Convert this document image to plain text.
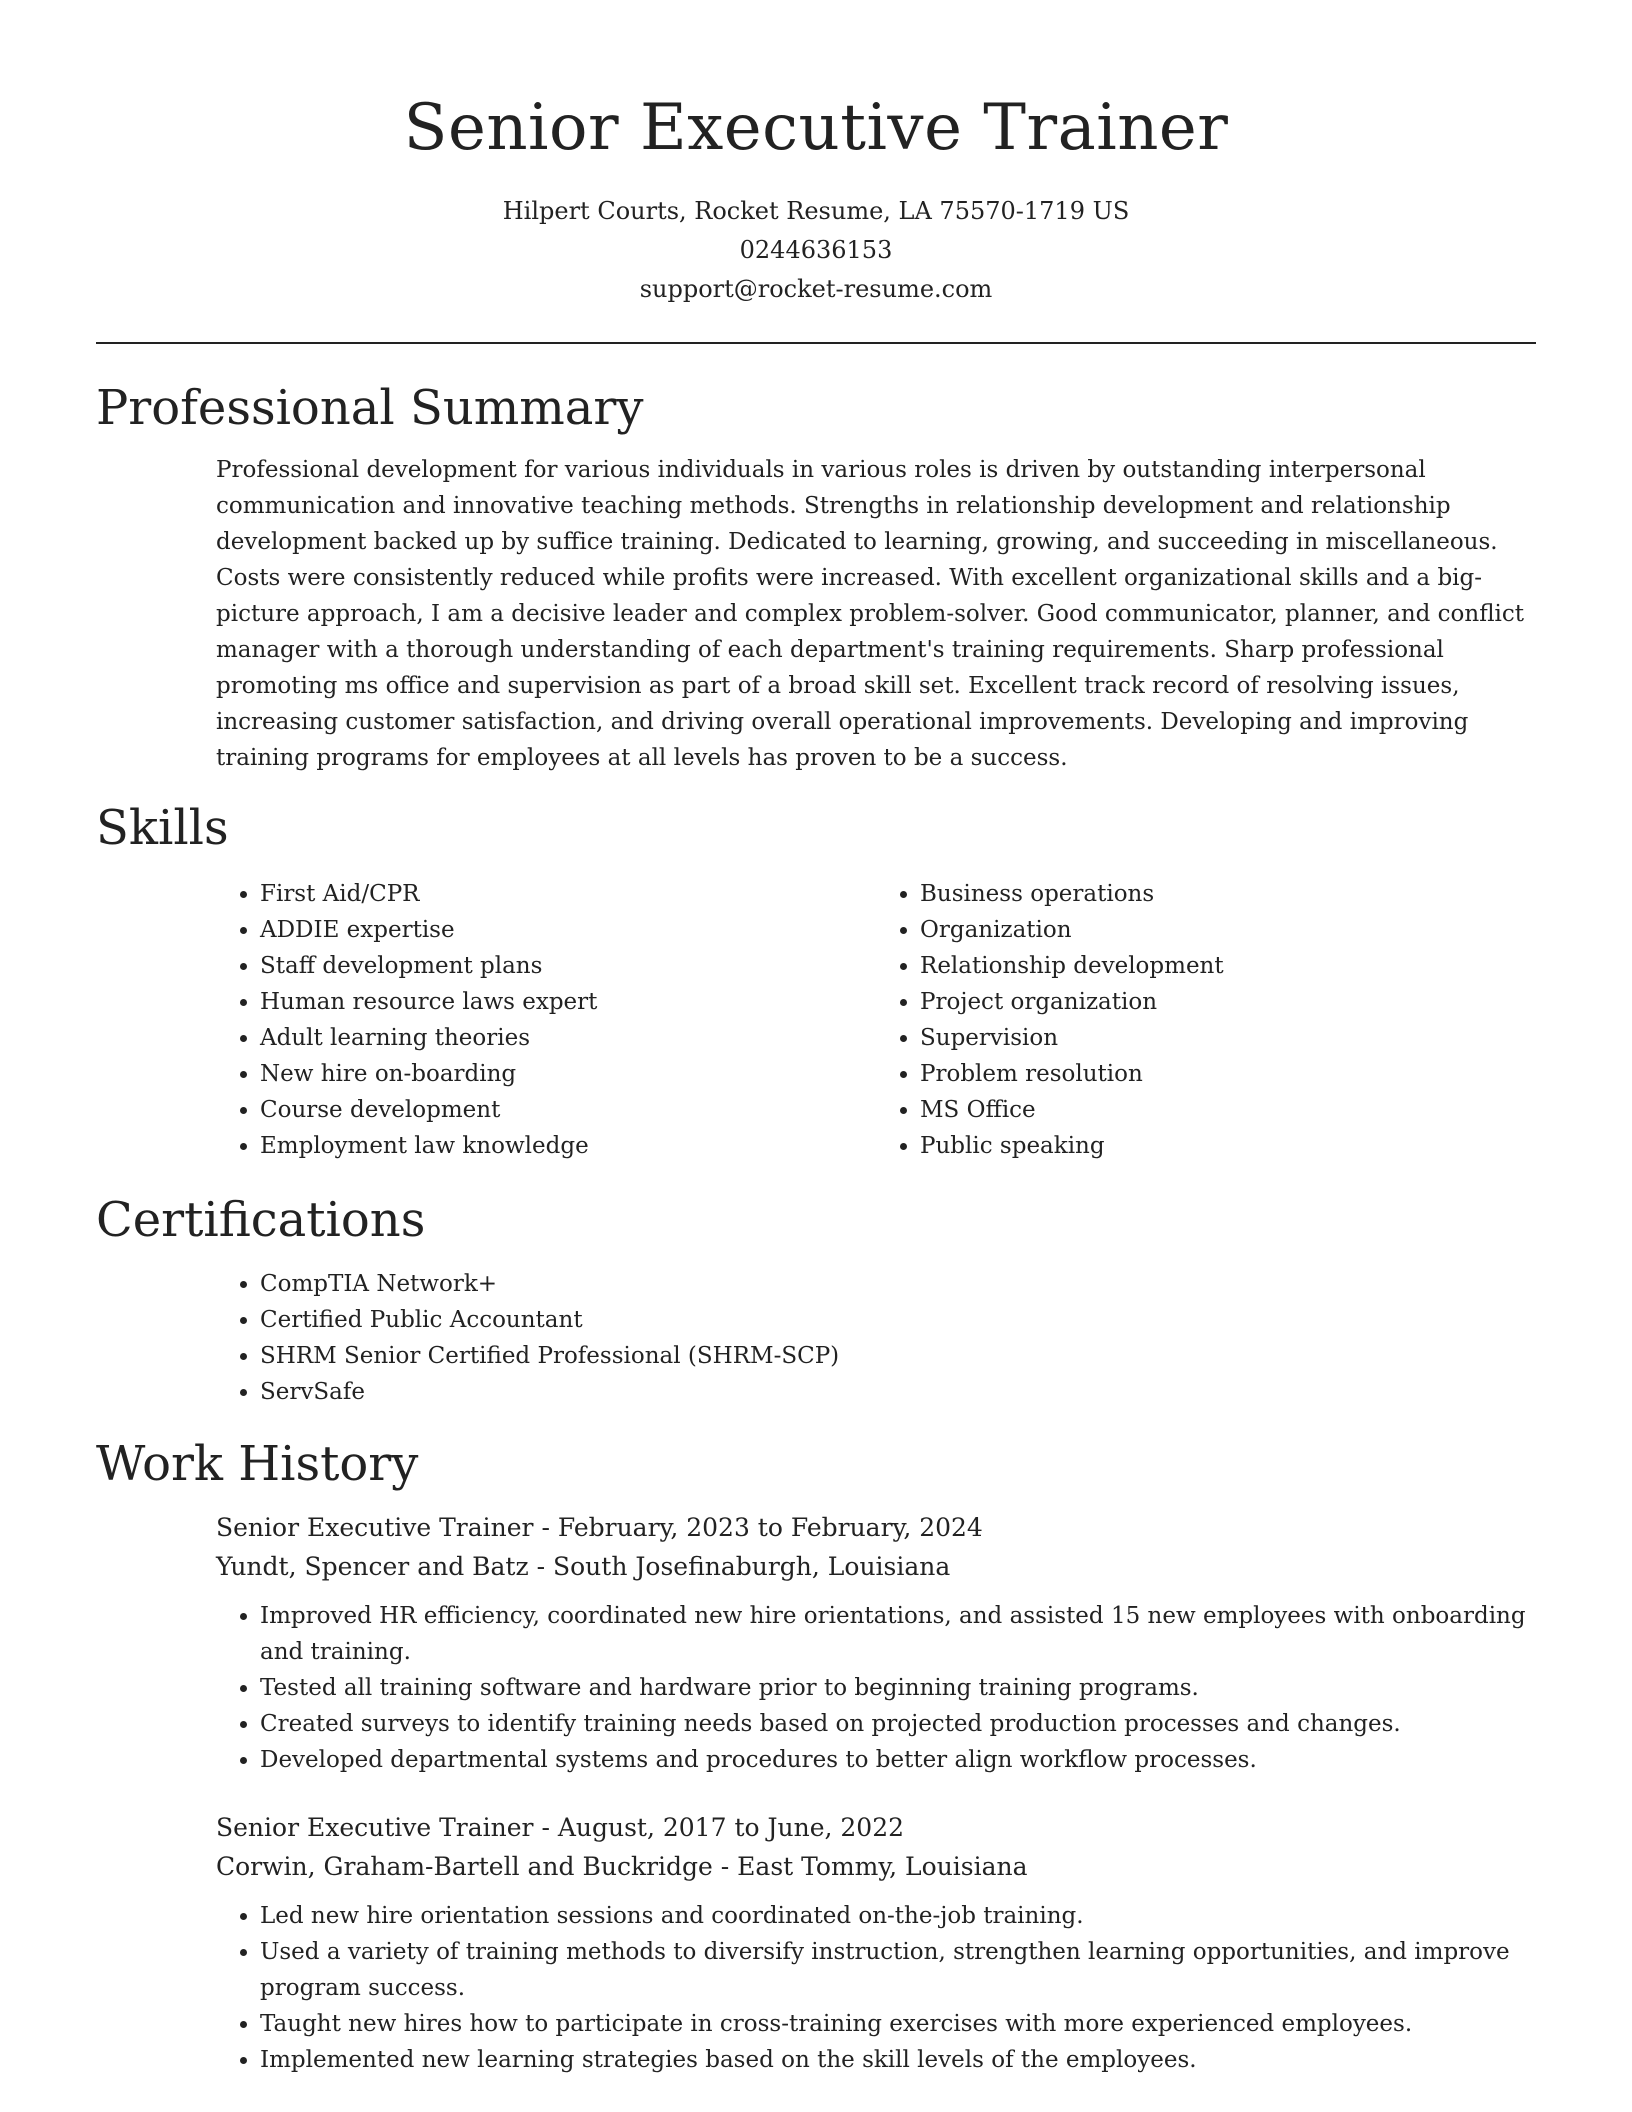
Senior Executive Trainer
Hilpert Courts, Rocket Resume, LA 75570-1719 US
0244636153
support@rocket-resume.com
Professional Summary

Professional development for various individuals in various roles is driven by outstanding interpersonal communication and innovative teaching methods. Strengths in relationship development and relationship development backed up by suffice training. Dedicated to learning, growing, and succeeding in miscellaneous. Costs were consistently reduced while profits were increased. With excellent organizational skills and a big-picture approach, I am a decisive leader and complex problem-solver. Good communicator, planner, and conflict manager with a thorough understanding of each department's training requirements. Sharp professional promoting ms office and supervision as part of a broad skill set. Excellent track record of resolving issues, increasing customer satisfaction, and driving overall operational improvements. Developing and improving training programs for employees at all levels has proven to be a success.

Skills
• First Aid/CPR
• ADDIE expertise
• Staff development plans
• Human resource laws expert
• Adult learning theories
• New hire on-boarding
• Course development
• Employment law knowledge
• Business operations
• Organization
• Relationship development
• Project organization
• Supervision
• Problem resolution
• MS Office
• Public speaking
Certifications
• CompTIA Network+
• Certified Public Accountant
• SHRM Senior Certified Professional (SHRM-SCP)
• ServSafe
Work History
Senior Executive Trainer - February, 2023 to February, 2024
Yundt, Spencer and Batz - South Josefinaburgh, Louisiana
• Improved HR efficiency, coordinated new hire orientations, and assisted 15 new employees with onboarding and training.
• Tested all training software and hardware prior to beginning training programs.
• Created surveys to identify training needs based on projected production processes and changes.
• Developed departmental systems and procedures to better align workflow processes.
Senior Executive Trainer - August, 2017 to June, 2022
Corwin, Graham-Bartell and Buckridge - East Tommy, Louisiana
• Led new hire orientation sessions and coordinated on-the-job training.
• Used a variety of training methods to diversify instruction, strengthen learning opportunities, and improve program success.
• Taught new hires how to participate in cross-training exercises with more experienced employees.
• Implemented new learning strategies based on the skill levels of the employees.
